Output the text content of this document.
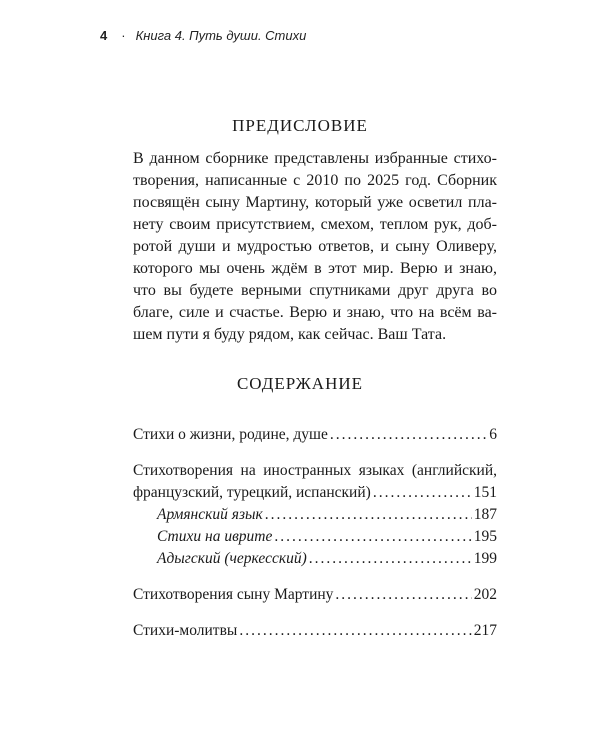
4 · Книга 4. Путь души. Стихи
ПРЕДИСЛОВИЕ

В данном сборнике представлены избранные стихо-
творения, написанные с 2010 по 2025 год. Сборник
посвящён сыну Мартину, который уже осветил пла-
нету своим присутствием, смехом, теплом рук, доб-
ротой души и мудростью ответов, и сыну Оливеру,
которого мы очень ждём в этот мир. Верю и знаю,
что вы будете верными спутниками друг друга во
благе, силе и счастье. Верю и знаю, что на всём ва-
шем пути я буду рядом, как сейчас. Ваш Тата.

СОДЕРЖАНИЕ
Стихи о жизни, родине, душе .....	6
Стихотворения на иностранных языках (английский,
французский, турецкий, испанский) .....	151
Армянский язык .....	187
Стихи на иврите .....	195
Адыгский (черкесский) .....	199
Стихотворения сыну Мартину .....	202
Стихи-молитвы .....	217
